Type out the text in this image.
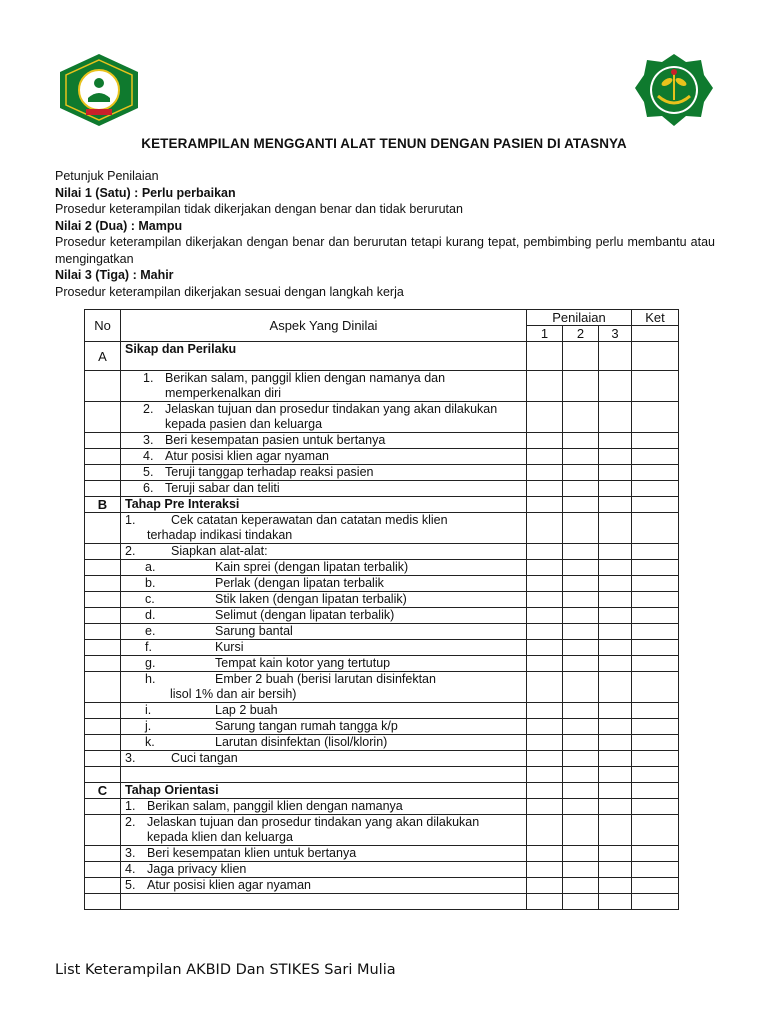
KETERAMPILAN MENGGANTI ALAT TENUN DENGAN PASIEN DI ATASNYA
Petunjuk Penilaian
Nilai 1 (Satu) : Perlu perbaikan
Prosedur keterampilan tidak dikerjakan dengan benar dan tidak berurutan
Nilai 2 (Dua) : Mampu
Prosedur keterampilan dikerjakan dengan benar dan berurutan tetapi kurang tepat, pembimbing perlu membantu atau mengingatkan
Nilai 3 (Tiga) : Mahir
Prosedur keterampilan dikerjakan sesuai dengan langkah kerja
No	Aspek Yang Dinilai	Penilaian			Ket
		1	2	3	
A	Sikap dan Perilaku				

	1. Berikan salam, panggil klien dengan namanya dan memperkenalkan diri				

	2. Jelaskan tujuan dan prosedur tindakan yang akan dilakukan kepada pasien dan keluarga				

	3. Beri kesempatan pasien untuk bertanya				

	4. Atur posisi klien agar nyaman				

	5. Teruji tanggap terhadap reaksi pasien				

	6. Teruji sabar dan teliti				

B	Tahap Pre Interaksi				

	1. Cek catatan keperawatan dan catatan medis klien
terhadap indikasi tindakan				

	2. Siapkan alat-alat:				

	a. Kain sprei (dengan lipatan terbalik)				

	b. Perlak (dengan lipatan terbalik				

	c. Stik laken (dengan lipatan terbalik)				

	d. Selimut (dengan lipatan terbalik)				

	e. Sarung bantal				

	f. Kursi				

	g. Tempat kain kotor yang tertutup				

	h. Ember 2 buah (berisi larutan disinfektan
lisol 1% dan air bersih)				

	i. Lap 2 buah				

	j. Sarung tangan rumah tangga k/p				

	k. Larutan disinfektan (lisol/klorin)				

	3. Cuci tangan				

C	Tahap Orientasi				

	1. Berikan salam, panggil klien dengan namanya				

	2. Jelaskan tujuan dan prosedur tindakan yang akan dilakukan kepada klien dan keluarga				

	3. Beri kesempatan klien untuk bertanya				

	4. Jaga privacy klien				

	5. Atur posisi klien agar nyaman				

List Keterampilan AKBID Dan STIKES Sari Mulia
